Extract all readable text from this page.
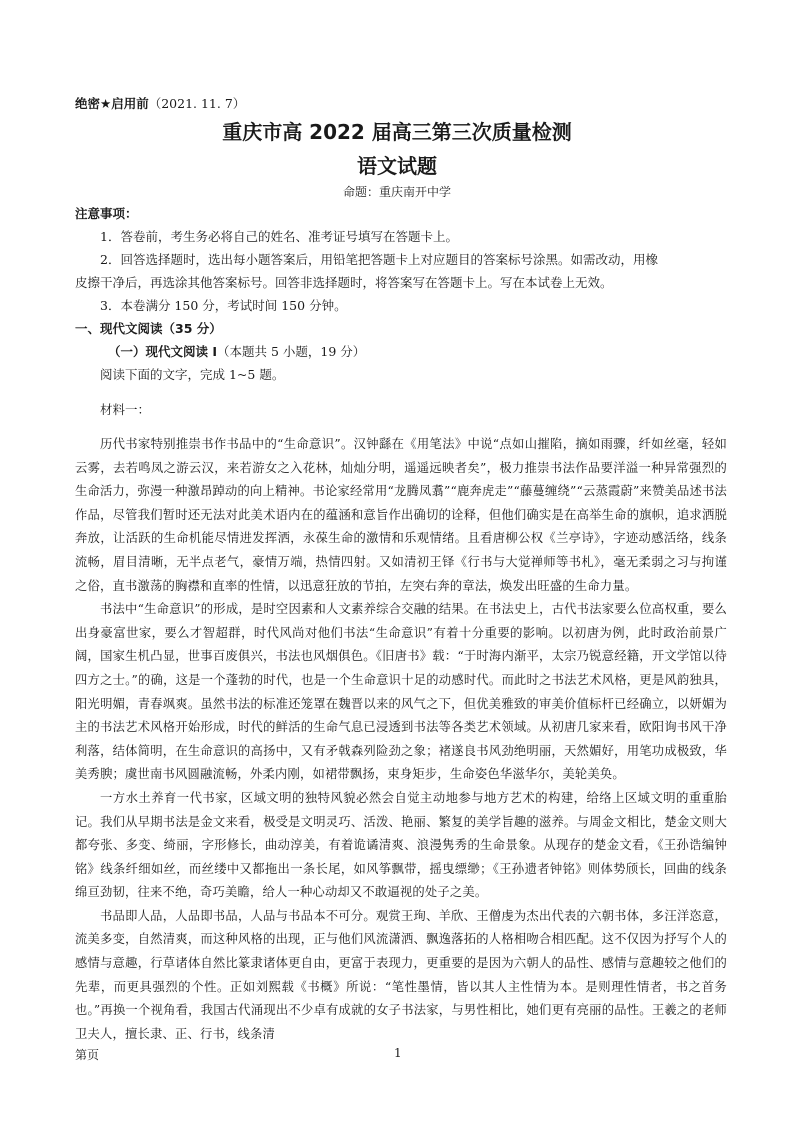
绝密★启用前（2021. 11. 7）
重庆市高 2022 届高三第三次质量检测
语文试题
命题：重庆南开中学
注意事项：
1．答卷前，考生务必将自己的姓名、准考证号填写在答题卡上。
2．回答选择题时，选出每小题答案后，用铅笔把答题卡上对应题目的答案标号涂黑。如需改动，用橡
皮擦干净后，再选涂其他答案标号。回答非选择题时，将答案写在答题卡上。写在本试卷上无效。
3．本卷满分 150 分，考试时间 150 分钟。
一、现代文阅读（35 分）
（一）现代文阅读 I（本题共 5 小题，19 分）
阅读下面的文字，完成 1~5 题。
材料一：

历代书家特别推崇书作书品中的“生命意识”。汉钟繇在《用笔法》中说“点如山摧陷，摘如雨骤，纤如丝毫，轻如云雾，去若鸣凤之游云汉，来若游女之入花林，灿灿分明，遥遥远映者矣”，极力推崇书法作品要洋溢一种异常强烈的生命活力，弥漫一种激昂踔动的向上精神。书论家经常用“龙腾凤翥”“鹿奔虎走”“藤蔓缠绕”“云蒸霞蔚”来赞美品述书法作品，尽管我们暂时还无法对此美术语内在的蕴涵和意旨作出确切的诠释，但他们确实是在高举生命的旗帜，追求洒脱奔放，让活跃的生命机能尽情进发挥洒，永葆生命的激情和乐观情绪。且看唐柳公权《兰亭诗》，字迹动感活络，线条流畅，眉目清晰，无半点老气，豪情万端，热情四射。又如清初王铎《行书与大觉禅师等书札》，毫无柔弱之习与拘谨之俗，直书激荡的胸襟和直率的性情，以迅意狂放的节拍，左突右奔的章法，焕发出旺盛的生命力量。

书法中“生命意识”的形成，是时空因素和人文素养综合交融的结果。在书法史上，古代书法家要么位高权重，要么出身豪富世家，要么才智超群，时代风尚对他们书法“生命意识”有着十分重要的影响。以初唐为例，此时政治前景广阔，国家生机凸显，世事百废俱兴，书法也风烟俱色。《旧唐书》载：“于时海内渐平，太宗乃锐意经籍，开文学馆以待四方之士。”的确，这是一个蓬勃的时代，也是一个生命意识十足的动感时代。而此时之书法艺术风格，更是风韵独具，阳光明媚，青春飒爽。虽然书法的标准还笼罩在魏晋以来的风气之下，但优美雅致的审美价值标杆已经确立，以妍媚为主的书法艺术风格开始形成，时代的鲜活的生命气息已浸透到书法等各类艺术领域。从初唐几家来看，欧阳询书风干净利落，结体简明，在生命意识的高扬中，又有矛戟森列险劲之象；褚遂良书风劲绝明丽，天然媚好，用笔功成极致，华美秀腴；虞世南书风圆融流畅，外柔内刚，如裙带飘扬，束身矩步，生命姿色华滋华尔，美轮美奂。

一方水土养育一代书家，区域文明的独特风貌必然会自觉主动地参与地方艺术的构建，给络上区域文明的重重胎记。我们从早期书法是金文来看，极受是文明灵巧、活泼、艳丽、繁复的美学旨趣的滋养。与周金文相比，楚金文则大都夸张、多变、绮丽，字形修长，曲动淳美，有着诡谲清爽、浪漫隽秀的生命景象。从现存的楚金文看，《王孙诰编钟铭》线条纤细如丝，而丝缕中又都拖出一条长尾，如风筝飘带，摇曳缥缈；《王孙遗者钟铭》则体势颀长，回曲的线条绵亘劲韧，往来不绝，奇巧美瞻，给人一种心动却又不敢逼视的处子之美。

书品即人品，人品即书品，人品与书品本不可分。观赏王珣、羊欣、王僧虔为杰出代表的六朝书体，多汪洋恣意，流美多变，自然清爽，而这种风格的出现，正与他们风流潇洒、飘逸落拓的人格相吻合相匹配。这不仅因为抒写个人的感情与意趣，行草诸体自然比篆隶诸体更自由，更富于表现力，更重要的是因为六朝人的品性、感情与意趣较之他们的先辈，而更具强烈的个性。正如刘熙载《书概》所说：“笔性墨情，皆以其人主性情为本。是则理性情者，书之首务也。”再换一个视角看，我国古代涌现出不少卓有成就的女子书法家，与男性相比，她们更有亮丽的品性。王羲之的老师卫夫人，擅长隶、正、行书，线条清

第页	1
